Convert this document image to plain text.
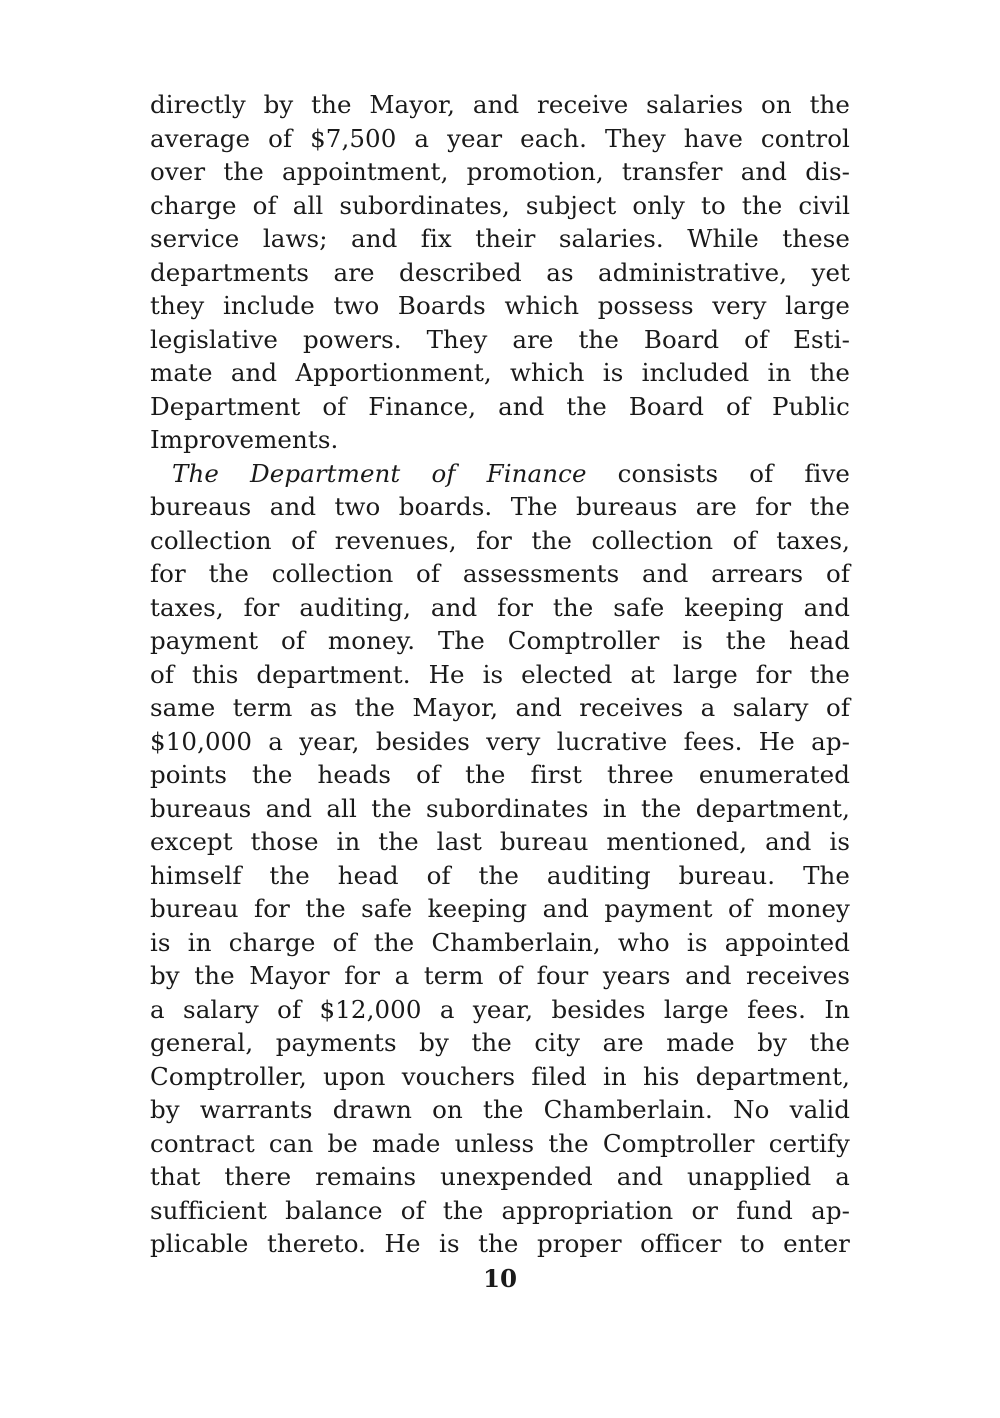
directly by the Mayor, and receive salaries on the
average of $7,500 a year each. They have control
over the appointment, promotion, transfer and dis-
charge of all subordinates, subject only to the civil
service laws; and fix their salaries. While these
departments are described as administrative, yet
they include two Boards which possess very large
legislative powers. They are the Board of Esti-
mate and Apportionment, which is included in the
Department of Finance, and the Board of Public
Improvements.
The Department of Finance consists of five
bureaus and two boards. The bureaus are for the
collection of revenues, for the collection of taxes,
for the collection of assessments and arrears of
taxes, for auditing, and for the safe keeping and
payment of money. The Comptroller is the head
of this department. He is elected at large for the
same term as the Mayor, and receives a salary of
$10,000 a year, besides very lucrative fees. He ap-
points the heads of the first three enumerated
bureaus and all the subordinates in the department,
except those in the last bureau mentioned, and is
himself the head of the auditing bureau. The
bureau for the safe keeping and payment of money
is in charge of the Chamberlain, who is appointed
by the Mayor for a term of four years and receives
a salary of $12,000 a year, besides large fees. In
general, payments by the city are made by the
Comptroller, upon vouchers filed in his department,
by warrants drawn on the Chamberlain. No valid
contract can be made unless the Comptroller certify
that there remains unexpended and unapplied a
sufficient balance of the appropriation or fund ap-
plicable thereto. He is the proper officer to enter
10
